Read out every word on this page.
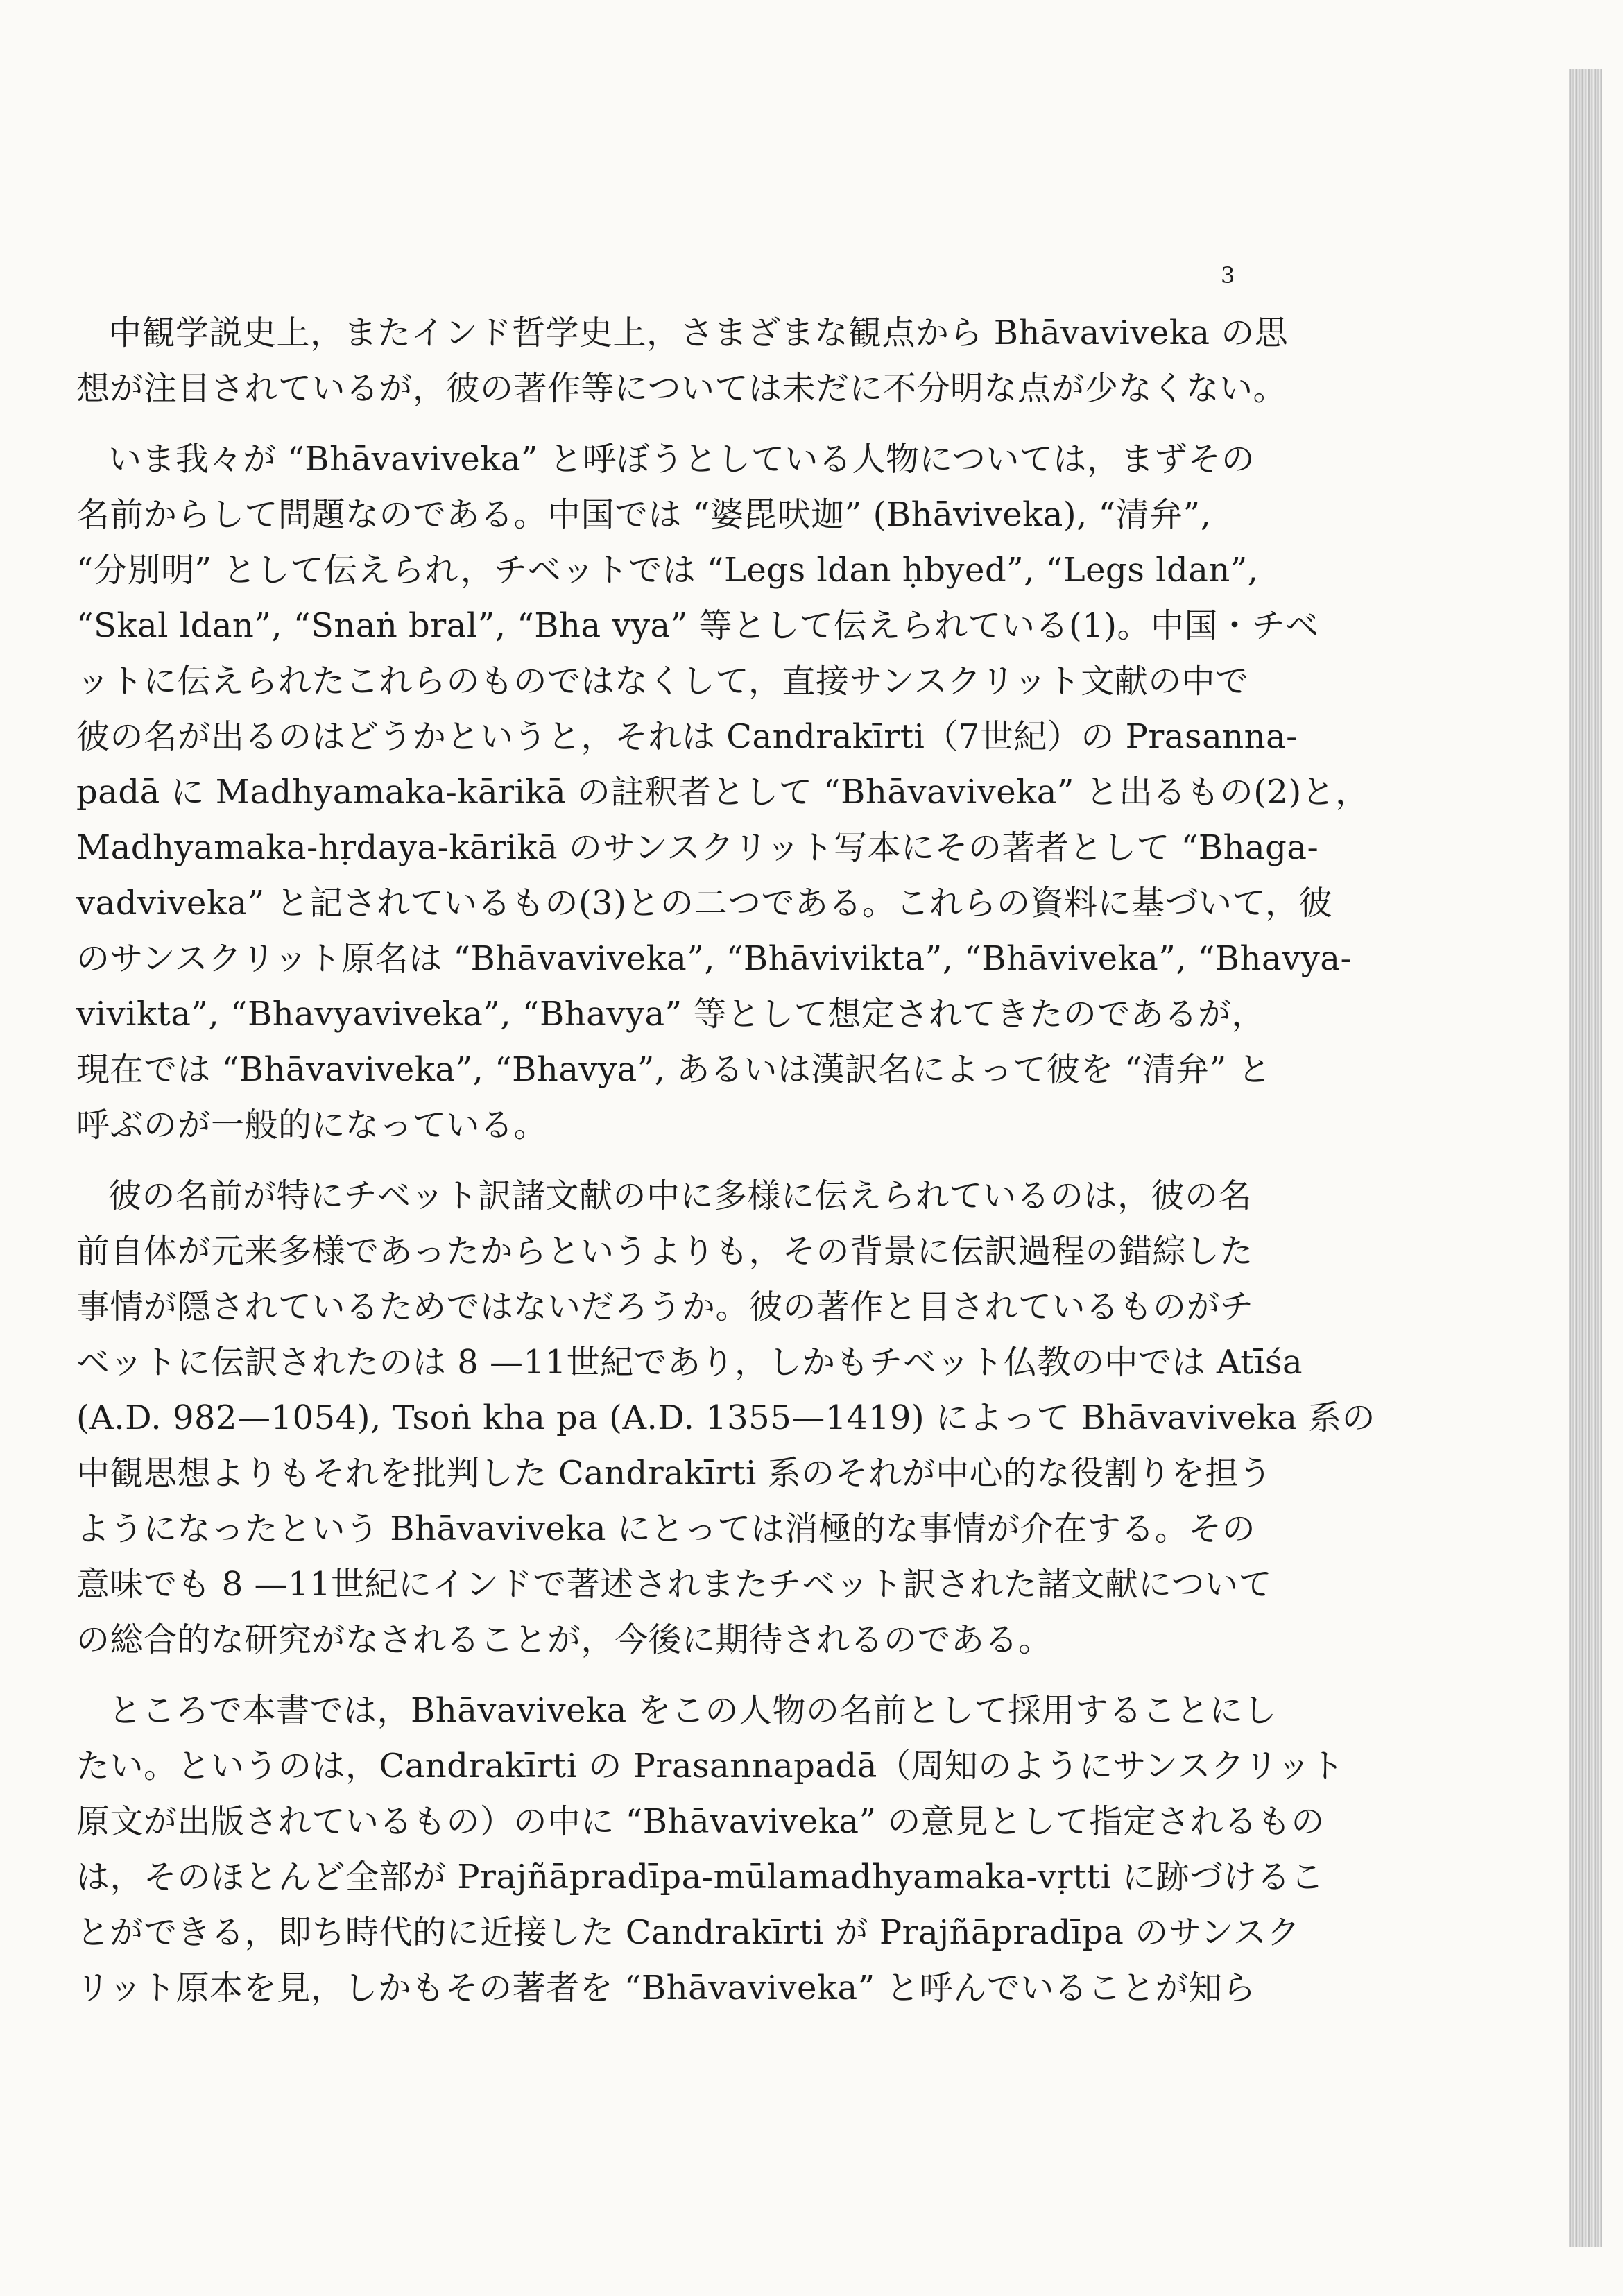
3
中観学説史上，またインド哲学史上，さまざまな観点から Bhāvaviveka の思
想が注目されているが，彼の著作等については未だに不分明な点が少なくない。
いま我々が “Bhāvaviveka” と呼ぼうとしている人物については，まずその
名前からして問題なのである。中国では “婆毘吠迦” (Bhāviveka), “清弁”,
“分別明” として伝えられ，チベットでは “Legs ldan ḥbyed”, “Legs ldan”,
“Skal ldan”, “Snaṅ bral”, “Bha vya” 等として伝えられている(1)。中国・チベ
ットに伝えられたこれらのものではなくして，直接サンスクリット文献の中で
彼の名が出るのはどうかというと，それは Candrakīrti（7世紀）の Prasanna-
padā に Madhyamaka-kārikā の註釈者として “Bhāvaviveka” と出るもの(2)と，
Madhyamaka-hṛdaya-kārikā のサンスクリット写本にその著者として “Bhaga-
vadviveka” と記されているもの(3)との二つである。これらの資料に基づいて，彼
のサンスクリット原名は “Bhāvaviveka”, “Bhāviviktа”, “Bhāviveka”, “Bhavya-
vivikta”, “Bhavyaviveka”, “Bhavya” 等として想定されてきたのであるが，
現在では “Bhāvaviveka”, “Bhavya”, あるいは漢訳名によって彼を “清弁” と
呼ぶのが一般的になっている。
彼の名前が特にチベット訳諸文献の中に多様に伝えられているのは，彼の名
前自体が元来多様であったからというよりも，その背景に伝訳過程の錯綜した
事情が隠されているためではないだろうか。彼の著作と目されているものがチ
ベットに伝訳されたのは 8 —11世紀であり，しかもチベット仏教の中では Atīśa
(A.D. 982—1054), Tsoṅ kha pa (A.D. 1355—1419) によって Bhāvaviveka 系の
中観思想よりもそれを批判した Candrakīrti 系のそれが中心的な役割りを担う
ようになったという Bhāvaviveka にとっては消極的な事情が介在する。その
意味でも 8 —11世紀にインドで著述されまたチベット訳された諸文献について
の総合的な研究がなされることが，今後に期待されるのである。
ところで本書では，Bhāvaviveka をこの人物の名前として採用することにし
たい。というのは，Candrakīrti の Prasannapadā（周知のようにサンスクリット
原文が出版されているもの）の中に “Bhāvaviveka” の意見として指定されるもの
は，そのほとんど全部が Prajñāpradīpa-mūlamadhyamaka-vṛtti に跡づけるこ
とができる，即ち時代的に近接した Candrakīrti が Prajñāpradīpa のサンスク
リット原本を見，しかもその著者を “Bhāvaviveka” と呼んでいることが知ら
